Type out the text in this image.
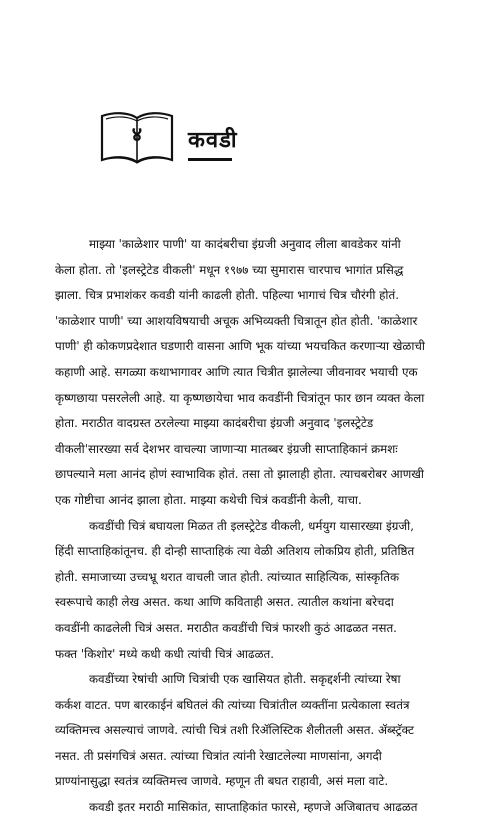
४	कवडी
माझ्या 'काळेशार पाणी' या कादंबरीचा इंग्रजी अनुवाद लीला बावडेकर यांनी
केला होता. तो 'इलस्ट्रेटेड वीकली' मधून १९७७ च्या सुमारास चारपाच भागांत प्रसिद्ध
झाला. चित्र प्रभाशंकर कवडी यांनी काढली होती. पहिल्या भागाचं चित्र चौरंगी होतं.
'काळेशार पाणी' च्या आशयविषयाची अचूक अभिव्यक्ती चित्रातून होत होती. 'काळेशार
पाणी' ही कोकणप्रदेशात घडणारी वासना आणि भूक यांच्या भयचकित करणाऱ्या खेळाची
कहाणी आहे. सगळ्या कथाभागावर आणि त्यात चित्रीत झालेल्या जीवनावर भयाची एक
कृष्णछाया पसरलेली आहे. या कृष्णछायेचा भाव कवडींनी चित्रांतून फार छान व्यक्त केला
होता. मराठीत वादग्रस्त ठरलेल्या माझ्या कादंबरीचा इंग्रजी अनुवाद 'इलस्ट्रेटेड
वीकली'सारख्या सर्व देशभर वाचल्या जाणाऱ्या मातब्बर इंग्रजी साप्ताहिकानं क्रमशः
छापल्याने मला आनंद होणं स्वाभाविक होतं. तसा तो झालाही होता. त्याचबरोबर आणखी
एक गोष्टीचा आनंद झाला होता. माझ्या कथेची चित्रं कवडींनी केली, याचा.
कवडींची चित्रं बघायला मिळत ती इलस्ट्रेटेड वीकली, धर्मयुग यासारख्या इंग्रजी,
हिंदी साप्ताहिकांतूनच. ही दोन्ही साप्ताहिकं त्या वेळी अतिशय लोकप्रिय होती, प्रतिष्ठित
होती. समाजाच्या उच्चभ्रू थरात वाचली जात होती. त्यांच्यात साहित्यिक, सांस्कृतिक
स्वरूपाचे काही लेख असत. कथा आणि कविताही असत. त्यातील कथांना बरेचदा
कवडींनी काढलेली चित्रं असत. मराठीत कवडींची चित्रं फारशी कुठं आढळत नसत.
फक्त 'किशोर' मध्ये कधी कधी त्यांची चित्रं आढळत.
कवडींच्या रेषांची आणि चित्रांची एक खासियत होती. सकृद्दर्शनी त्यांच्या रेषा
कर्कश वाटत. पण बारकाईनं बघितलं की त्यांच्या चित्रांतील व्यक्तींना प्रत्येकाला स्वतंत्र
व्यक्तिमत्त्व असल्याचं जाणवे. त्यांची चित्रं तशी रिॲलिस्टिक शैलीतली असत. ॲब्स्ट्रॅक्ट
नसत. ती प्रसंगचित्रं असत. त्यांच्या चित्रांत त्यांनी रेखाटलेल्या माणसांना, अगदी
प्राण्यांनासुद्धा स्वतंत्र व्यक्तिमत्त्व जाणवे. म्हणून ती बघत राहावी, असं मला वाटे.
कवडी इतर मराठी मासिकांत, साप्ताहिकांत फारसे, म्हणजे अजिबातच आढळत
